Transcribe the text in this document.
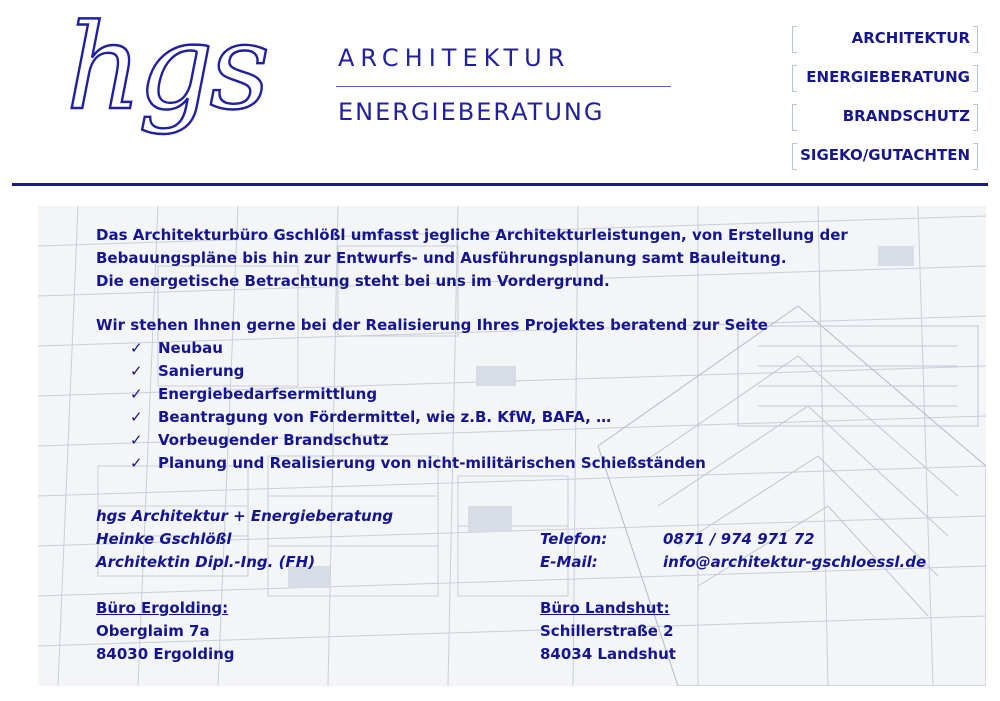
hgs	ARCHITEKTUR
ENERGIEBERATUNG
ARCHITEKTUR
ENERGIEBERATUNG
BRANDSCHUTZ
SIGEKO/GUTACHTEN

Das Architekturbüro Gschlößl umfasst jegliche Architekturleistungen, von Erstellung der

Bebauungspläne bis hin zur Entwurfs- und Ausführungsplanung samt Bauleitung.

Die energetische Betrachtung steht bei uns im Vordergrund.

Wir stehen Ihnen gerne bei der Realisierung Ihres Projektes beratend zur Seite
✓ Neubau
✓ Sanierung
✓ Energiebedarfsermittlung
✓ Beantragung von Fördermittel, wie z.B. KfW, BAFA, …
✓ Vorbeugender Brandschutz
✓ Planung und Realisierung von nicht-militärischen Schießständen
hgs Architektur + Energieberatung
Heinke Gschlößl	Telefon:	0871 / 974 971 72
Architektin Dipl.-Ing. (FH)	E-Mail:	info@architektur-gschloessl.de
Büro Ergolding:	Büro Landshut:
Oberglaim 7a	Schillerstraße 2
84030 Ergolding	84034 Landshut
